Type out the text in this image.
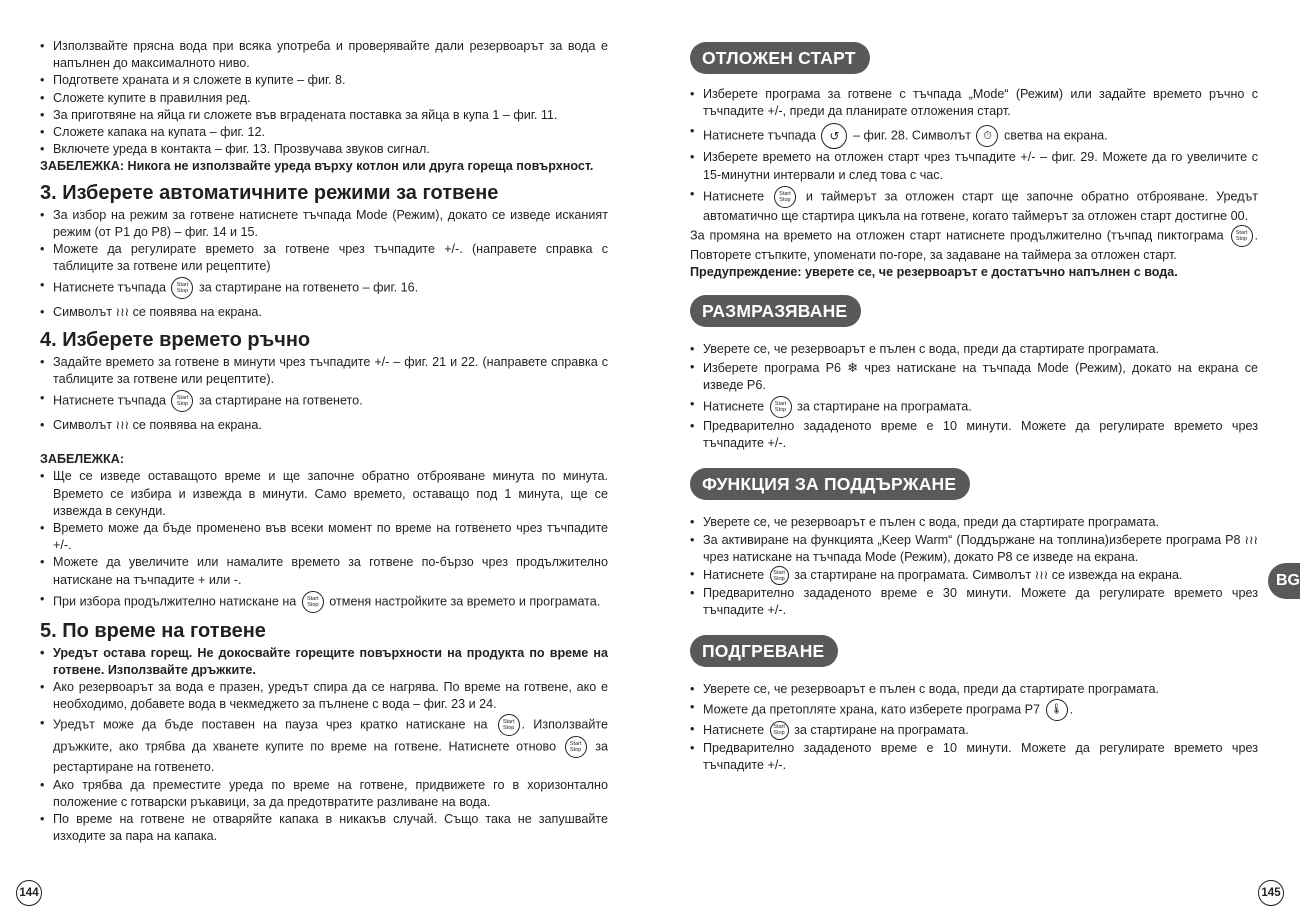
• Използвайте прясна вода при всяка употреба и проверявайте дали резервоарът за вода е напълнен до максималното ниво.
• Подгответе храната и я сложете в купите – фиг. 8.
• Сложете купите в правилния ред.
• За приготвяне на яйца ги сложете във вградената поставка за яйца в купа 1 – фиг. 11.
• Сложете капака на купата – фиг. 12.
• Включете уреда в контакта – фиг. 13. Прозвучава звуков сигнал.

ЗАБЕЛЕЖКА: Никога не използвайте уреда върху котлон или друга гореща повърхност.

3. Изберете автоматичните режими за готвене
• За избор на режим за готвене натиснете тъчпада Mode (Режим), докато се изведе исканият режим (от P1 до P8) – фиг. 14 и 15.
• Можете да регулирате времето за готвене чрез тъчпадите +/-. (направете справка с таблиците за готвене или рецептите)
• Натиснете тъчпада Start
Stop за стартиране на готвенето – фиг. 16.
• Символът ≀≀≀ се появява на екрана.
4. Изберете времето ръчно
• Задайте времето за готвене в минути чрез тъчпадите +/- – фиг. 21 и 22. (направете справка с таблиците за готвене или рецептите).
• Натиснете тъчпада Start
Stop за стартиране на готвенето.
• Символът ≀≀≀ се появява на екрана.

ЗАБЕЛЕЖКА:

• Ще се изведе оставащото време и ще започне обратно отброяване минута по минута. Времето се избира и извежда в минути. Само времето, оставащо под 1 минута, ще се извежда в секунди.
• Времето може да бъде променено във всеки момент по време на готвенето чрез тъчпадите +/-.
• Можете да увеличите или намалите времето за готвене по-бързо чрез продължително натискане на тъчпадите + или -.
• При избора продължително натискане на Start
Stop отменя настройките за времето и програмата.
5. По време на готвене
• Уредът остава горещ. Не докосвайте горещите повърхности на продукта по време на готвене. Използвайте дръжките.
• Ако резервоарът за вода е празен, уредът спира да се нагрява. По време на готвене, ако е необходимо, добавете вода в чекмеджето за пълнене с вода – фиг. 23 и 24.
• Уредът може да бъде поставен на пауза чрез кратко натискане на	Start
Stop . Използвайте дръжките, ако трябва да хванете купите по време на готвене. Натиснете отново	Start
Stop за рестартиране на готвенето.
• Ако трябва да преместите уреда по време на готвене, придвижете го в хоризонтално положение с готварски ръкавици, за да предотвратите разливане на вода.
• По време на готвене не отваряйте капака в никакъв случай. Също така не запушвайте изходите за пара на капака.
ОТЛОЖЕН СТАРТ
• Изберете програма за готвене с тъчпада „Mode“ (Режим) или задайте времето ръчно с тъчпадите +/-, преди да планирате отложения старт.
• Натиснете тъчпада ↺ – фиг. 28. Символът ⏱ светва на екрана.
• Изберете времето на отложен старт чрез тъчпадите +/- – фиг. 29. Можете да го увеличите с 15-минутни интервали и след това с час.
• Натиснете	Start
Stop и таймерът за отложен старт ще започне обратно отброяване. Уредът автоматично ще стартира цикъла на готвене, когато таймерът за отложен старт достигне 00.

За промяна на времето на отложен старт натиснете продължително (тъчпад пиктограма Start
Stop . Повторете стъпките, упоменати по-горе, за задаване на таймера за отложен старт.

Предупреждение: уверете се, че резервоарът е достатъчно напълнен с вода.

РАЗМРАЗЯВАНЕ
• Уверете се, че резервоарът е пълен с вода, преди да стартирате програмата.
• Изберете програма P6 ❄ чрез натискане на тъчпада Mode (Режим), докато на екрана се изведе P6.
• Натиснете Start
Stop за стартиране на програмата.
• Предварително зададеното време е 10 минути. Можете да регулирате времето чрез тъчпадите +/-.
ФУНКЦИЯ ЗА ПОДДЪРЖАНЕ
• Уверете се, че резервоарът е пълен с вода, преди да стартирате програмата.
• За активиране на функцията „Keep Warm“ (Поддържане на топлина)изберете програма P8 ≀≀≀ чрез натискане на тъчпада Mode (Режим), докато P8 се изведе на екрана.
• Натиснете Start
Stop за стартиране на програмата. Символът ≀≀≀ се извежда на екрана.
• Предварително зададеното време е 30 минути. Можете да регулирате времето чрез тъчпадите +/-.
ПОДГРЕВАНЕ
• Уверете се, че резервоарът е пълен с вода, преди да стартирате програмата.
• Можете да претопляте храна, като изберете програма P7 🌡 .
• Натиснете Start
Stop за стартиране на програмата.
• Предварително зададеното време е 10 минути. Можете да регулирате времето чрез тъчпадите +/-.
BG
144	145
